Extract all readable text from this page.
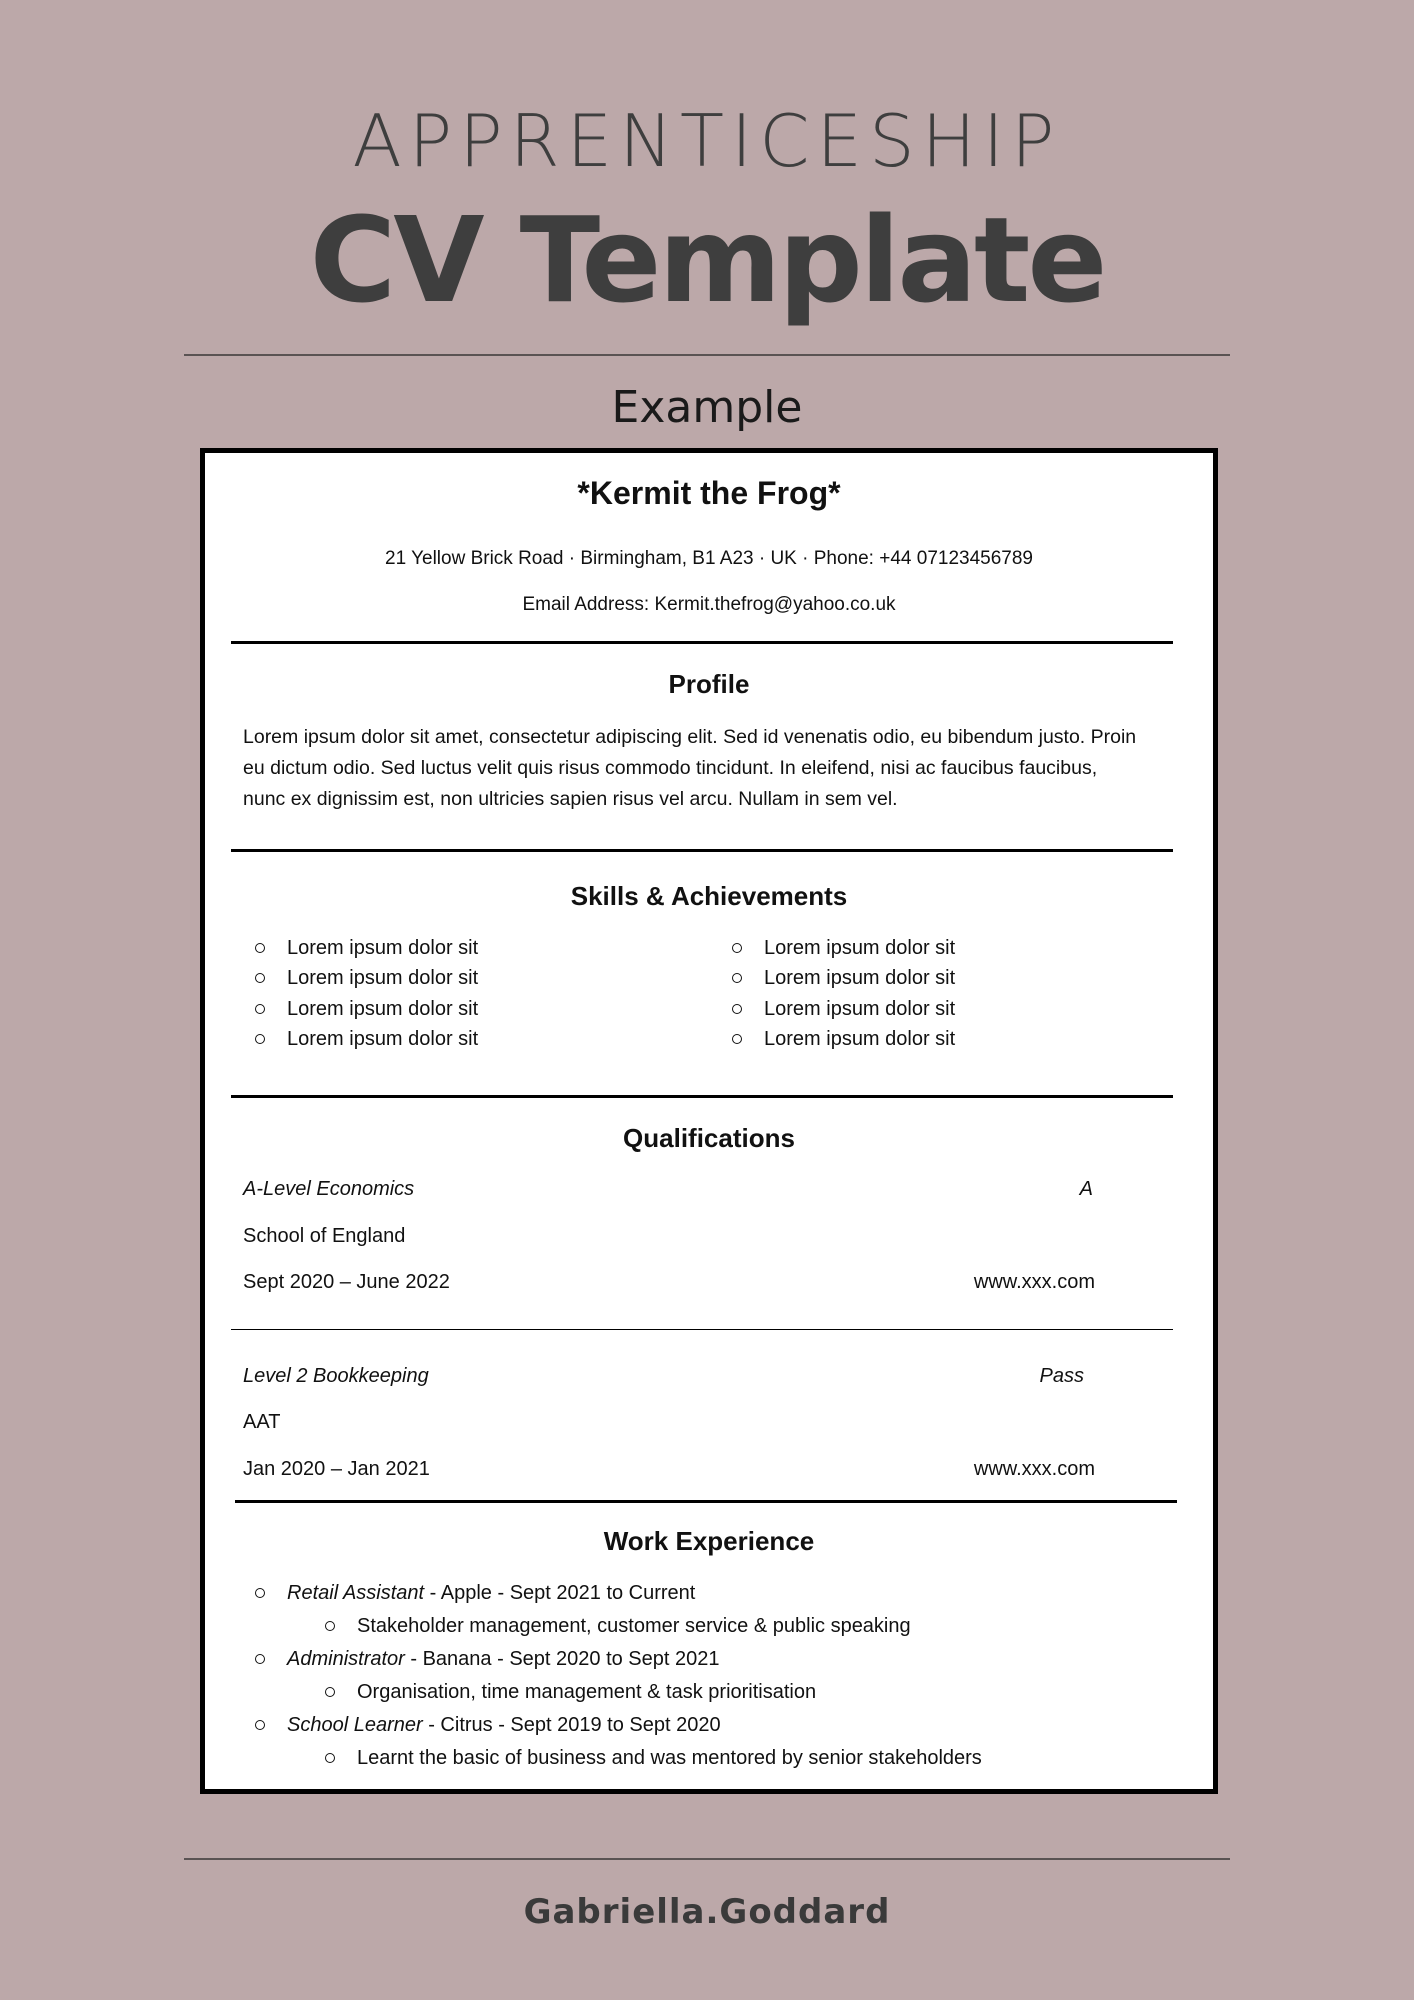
APPRENTICESHIP
CV Template
Example
*Kermit the Frog*
21 Yellow Brick Road · Birmingham, B1 A23 · UK · Phone: +44 07123456789
Email Address: Kermit.thefrog@yahoo.co.uk
Profile
Lorem ipsum dolor sit amet, consectetur adipiscing elit. Sed id venenatis odio, eu bibendum justo. Proin eu dictum odio. Sed luctus velit quis risus commodo tincidunt. In eleifend, nisi ac faucibus faucibus, nunc ex dignissim est, non ultricies sapien risus vel arcu. Nullam in sem vel.
Skills & Achievements
Lorem ipsum dolor sit
Lorem ipsum dolor sit
Lorem ipsum dolor sit
Lorem ipsum dolor sit
Lorem ipsum dolor sit
Lorem ipsum dolor sit
Lorem ipsum dolor sit
Lorem ipsum dolor sit
Qualifications
A-Level Economics	A
School of England
Sept 2020 – June 2022	www.xxx.com
Level 2 Bookkeeping	Pass
AAT
Jan 2020 – Jan 2021	www.xxx.com
Work Experience
Retail Assistant - Apple - Sept 2021 to Current
Stakeholder management, customer service & public speaking
Administrator - Banana - Sept 2020 to Sept 2021
Organisation, time management & task prioritisation
School Learner - Citrus - Sept 2019 to Sept 2020
Learnt the basic of business and was mentored by senior stakeholders
Gabriella.Goddard
